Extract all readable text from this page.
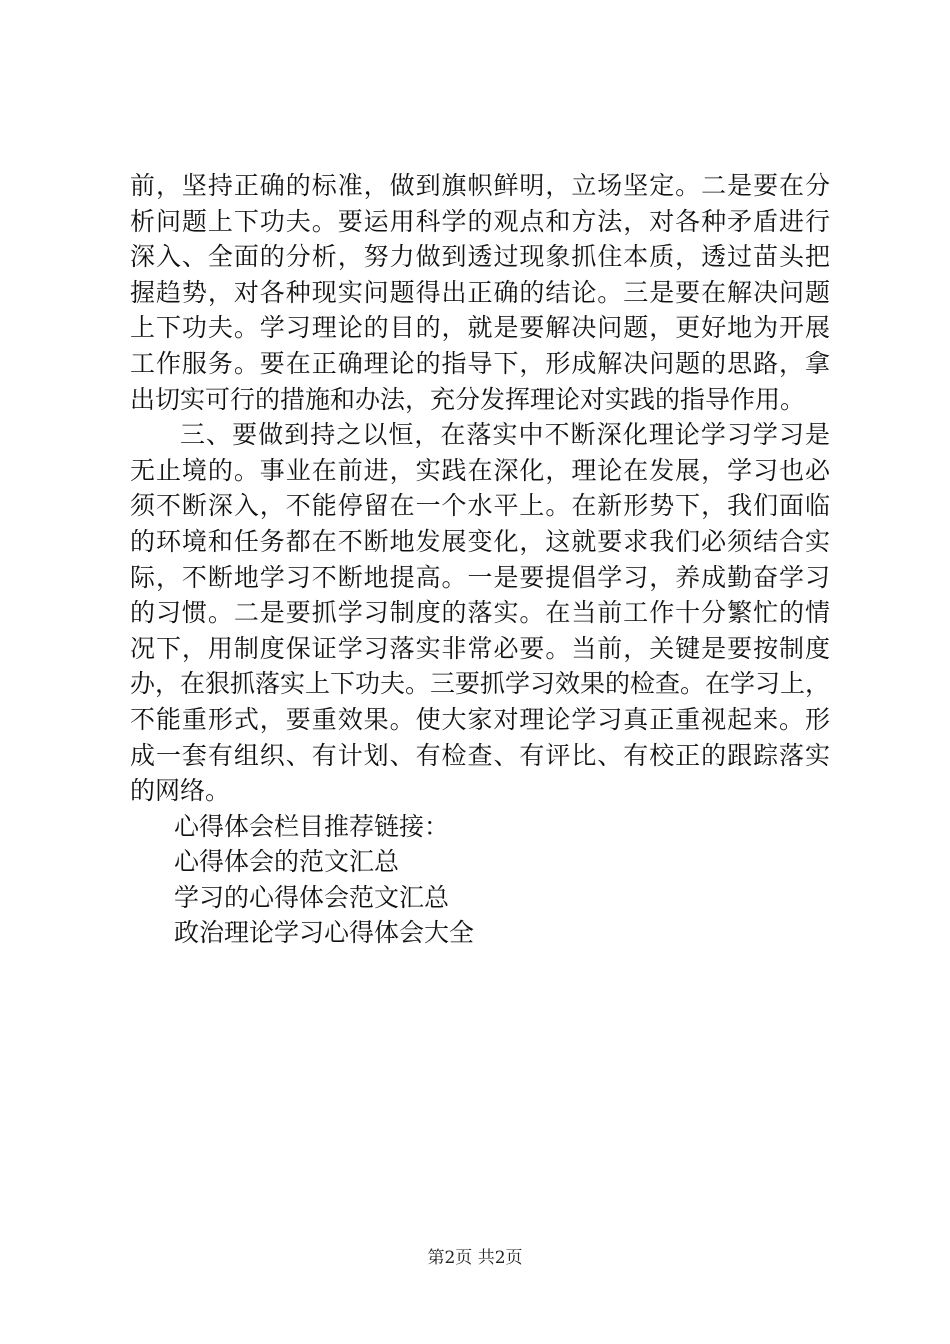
前，坚持正确的标准，做到旗帜鲜明，立场坚定。二是要在分
析问题上下功夫。要运用科学的观点和方法，对各种矛盾进行
深入、全面的分析，努力做到透过现象抓住本质，透过苗头把
握趋势，对各种现实问题得出正确的结论。三是要在解决问题
上下功夫。学习理论的目的，就是要解决问题，更好地为开展
工作服务。要在正确理论的指导下，形成解决问题的思路，拿
出切实可行的措施和办法，充分发挥理论对实践的指导作用。
三、要做到持之以恒，在落实中不断深化理论学习学习是
无止境的。事业在前进，实践在深化，理论在发展，学习也必
须不断深入，不能停留在一个水平上。在新形势下，我们面临
的环境和任务都在不断地发展变化，这就要求我们必须结合实
际，不断地学习不断地提高。一是要提倡学习，养成勤奋学习
的习惯。二是要抓学习制度的落实。在当前工作十分繁忙的情
况下，用制度保证学习落实非常必要。当前，关键是要按制度
办，在狠抓落实上下功夫。三要抓学习效果的检查。在学习上，
不能重形式，要重效果。使大家对理论学习真正重视起来。形
成一套有组织、有计划、有检查、有评比、有校正的跟踪落实
的网络。
心得体会栏目推荐链接：
心得体会的范文汇总
学习的心得体会范文汇总
政治理论学习心得体会大全
第2页 共2页
